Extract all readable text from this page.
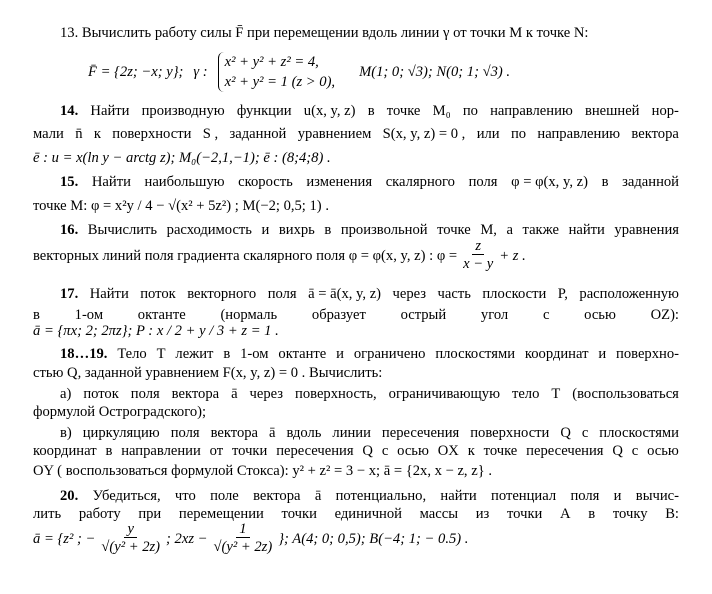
13. Вычислить работу силы F̄ при перемещении вдоль линии γ от точки M к точке N:
F̄ = {2z; −x; y}; γ :
x² + y² + z² = 4,
x² + y² = 1 (z > 0),
M(1; 0; √3); N(0; 1; √3) .
14. Найти производную функции u(x, y, z) в точке M₀ по направлению внешней нор-
мали n̄ к поверхности S , заданной уравнением S(x, y, z) = 0 , или по направлению вектора
ē : u = x(ln y − arctg z); M₀(−2,1,−1); ē : (8;4;8) .
15. Найти наибольшую скорость изменения скалярного поля φ = φ(x, y, z) в заданной
точке M: φ = x²y / 4 − √(x² + 5z²) ; M(−2; 0,5; 1) .
16. Вычислить расходимость и вихрь в произвольной точке M, а также найти уравнения
векторных линий поля градиента скалярного поля φ = φ(x, y, z) : $\varphi = \frac{z}{x - y} + z$ .
17. Найти поток векторного поля ā = ā(x, y, z) через часть плоскости P, расположенную
в 1-ом октанте (нормаль образует острый угол с осью OZ):
ā = {πx; 2; 2πz}; P : x / 2 + y / 3 + z = 1 .
18…19. Тело T лежит в 1-ом октанте и ограничено плоскостями координат и поверхно-
стью Q, заданной уравнением F(x, y, z) = 0 . Вычислить:
а) поток поля вектора ā через поверхность, ограничивающую тело T (воспользоваться
формулой Остроградского);
в) циркуляцию поля вектора ā вдоль линии пересечения поверхности Q с плоскостями
координат в направлении от точки пересечения Q с осью OX к точке пересечения Q с осью
OY ( воспользоваться формулой Стокса): y² + z² = 3 − x; ā = {2x, x − z, z} .
20. Убедиться, что поле вектора ā потенциально, найти потенциал поля и вычис-
лить работу при перемещении точки единичной массы из точки A в точку B:
ā = {z² ; − $\frac{y}{\text{√(y² + 2z)}}$ ; $2xz - \frac{1}{\text{√(y² + 2z)}}$ }; A(4; 0; 0,5); B(−4; 1; − 0.5) .
